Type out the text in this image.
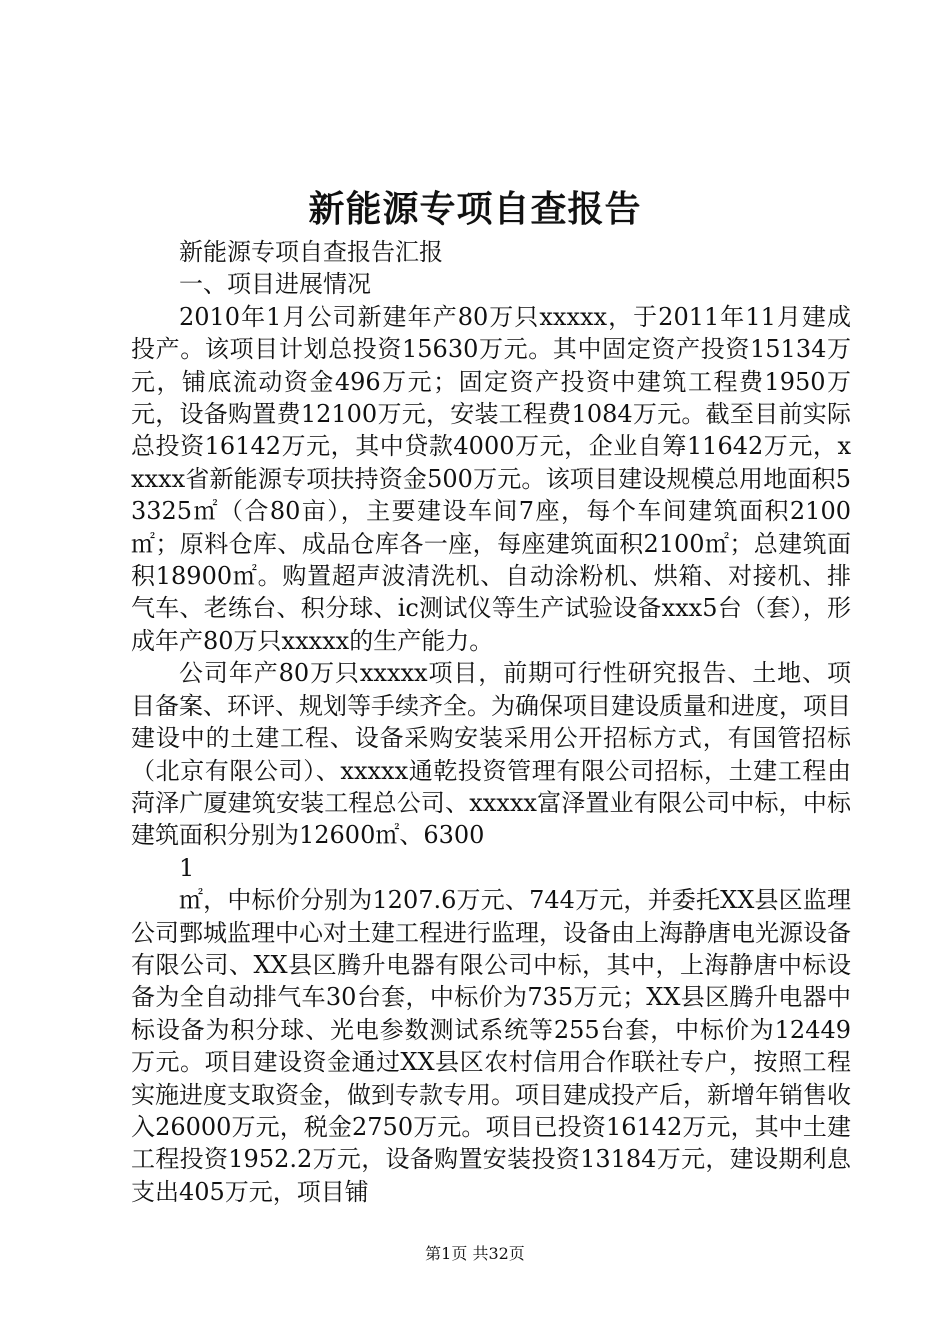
新能源专项自查报告

新能源专项自查报告汇报

一、项目进展情况

2010年1月公司新建年产80万只xxxxx，于2011年11月建成投产。该项目计划总投资15630万元。其中固定资产投资15134万元，铺底流动资金496万元；固定资产投资中建筑工程费1950万元，设备购置费12100万元，安装工程费1084万元。截至目前实际总投资16142万元，其中贷款4000万元，企业自筹11642万元，xxxxx省新能源专项扶持资金500万元。该项目建设规模总用地面积53325㎡（合80亩），主要建设车间7座，每个车间建筑面积2100㎡；原料仓库、成品仓库各一座，每座建筑面积2100㎡；总建筑面积18900㎡。购置超声波清洗机、自动涂粉机、烘箱、对接机、排气车、老练台、积分球、ic测试仪等生产试验设备xxx5台（套），形成年产80万只xxxxx的生产能力。

公司年产80万只xxxxx项目，前期可行性研究报告、土地、项目备案、环评、规划等手续齐全。为确保项目建设质量和进度，项目建设中的土建工程、设备采购安装采用公开招标方式，有国管招标（北京有限公司）、xxxxx通乾投资管理有限公司招标，土建工程由菏泽广厦建筑安装工程总公司、xxxxx富泽置业有限公司中标，中标建筑面积分别为12600㎡、6300

1

㎡，中标价分别为1207.6万元、744万元，并委托XX县区监理公司鄄城监理中心对土建工程进行监理，设备由上海静唐电光源设备有限公司、XX县区腾升电器有限公司中标，其中，上海静唐中标设备为全自动排气车30台套，中标价为735万元；XX县区腾升电器中标设备为积分球、光电参数测试系统等255台套，中标价为12449万元。项目建设资金通过XX县区农村信用合作联社专户，按照工程实施进度支取资金，做到专款专用。项目建成投产后，新增年销售收入26000万元，税金2750万元。项目已投资16142万元，其中土建工程投资1952.2万元，设备购置安装投资13184万元，建设期利息支出405万元，项目铺

第1页 共32页
